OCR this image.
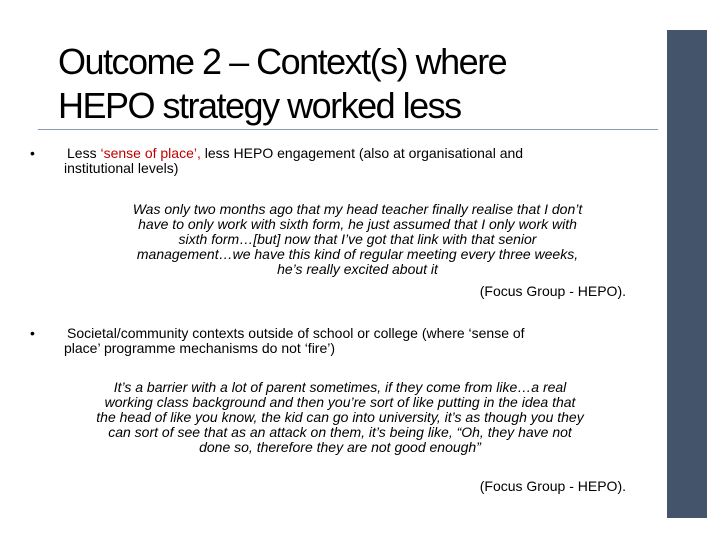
Outcome 2 – Context(s) where
HEPO strategy worked less
•	Less ‘sense of place’, less HEPO engagement (also at organisational and
institutional levels)
Was only two months ago that my head teacher finally realise that I don’t
have to only work with sixth form, he just assumed that I only work with
sixth form…[but] now that I’ve got that link with that senior
management…we have this kind of regular meeting every three weeks,
he’s really excited about it
(Focus Group - HEPO).
•	Societal/community contexts outside of school or college (where ‘sense of
place’ programme mechanisms do not ‘fire’)
It’s a barrier with a lot of parent sometimes, if they come from like…a real
working class background and then you’re sort of like putting in the idea that
the head of like you know, the kid can go into university, it’s as though you they
can sort of see that as an attack on them, it’s being like, “Oh, they have not
done so, therefore they are not good enough”
(Focus Group - HEPO).
